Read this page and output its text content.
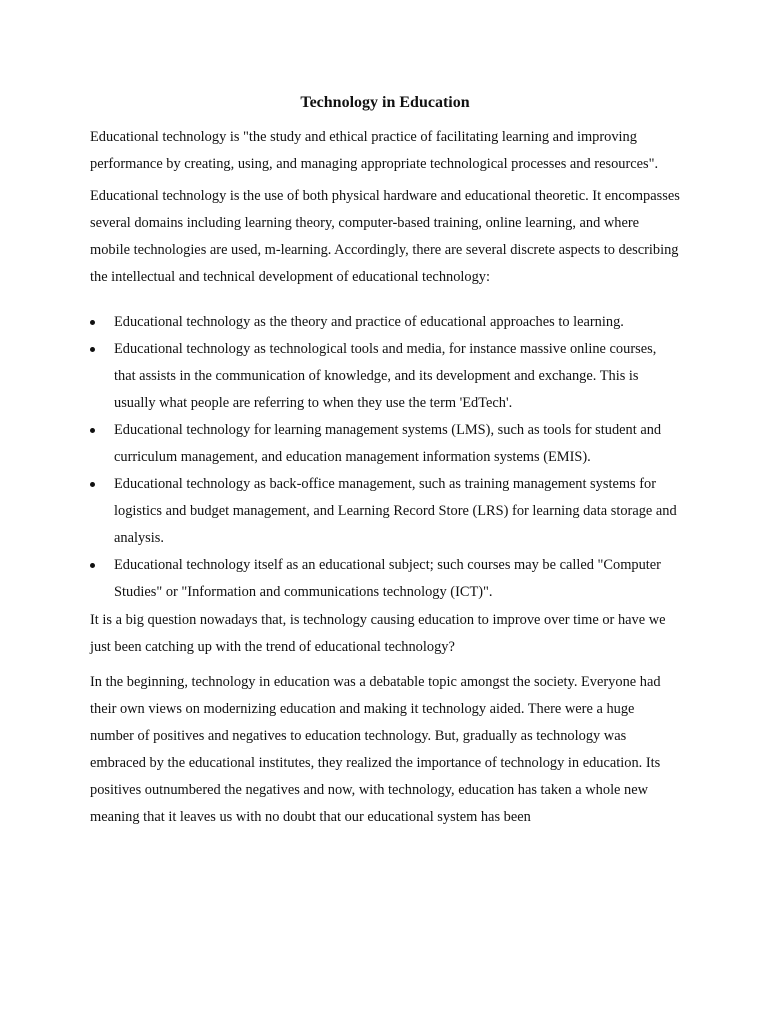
Technology in Education

Educational technology is "the study and ethical practice of facilitating learning and improving performance by creating, using, and managing appropriate technological processes and resources".

Educational technology is the use of both physical hardware and educational theoretic. It encompasses several domains including learning theory, computer-based training, online learning, and where mobile technologies are used, m-learning. Accordingly, there are several discrete aspects to describing the intellectual and technical development of educational technology:

Educational technology as the theory and practice of educational approaches to learning.
Educational technology as technological tools and media, for instance massive online courses, that assists in the communication of knowledge, and its development and exchange. This is usually what people are referring to when they use the term 'EdTech'.
Educational technology for learning management systems (LMS), such as tools for student and curriculum management, and education management information systems (EMIS).
Educational technology as back-office management, such as training management systems for logistics and budget management, and Learning Record Store (LRS) for learning data storage and analysis.
Educational technology itself as an educational subject; such courses may be called "Computer Studies" or "Information and communications technology (ICT)".

It is a big question nowadays that, is technology causing education to improve over time or have we just been catching up with the trend of educational technology?

In the beginning, technology in education was a debatable topic amongst the society. Everyone had their own views on modernizing education and making it technology aided. There were a huge number of positives and negatives to education technology. But, gradually as technology was embraced by the educational institutes, they realized the importance of technology in education. Its positives outnumbered the negatives and now, with technology, education has taken a whole new meaning that it leaves us with no doubt that our educational system has been
